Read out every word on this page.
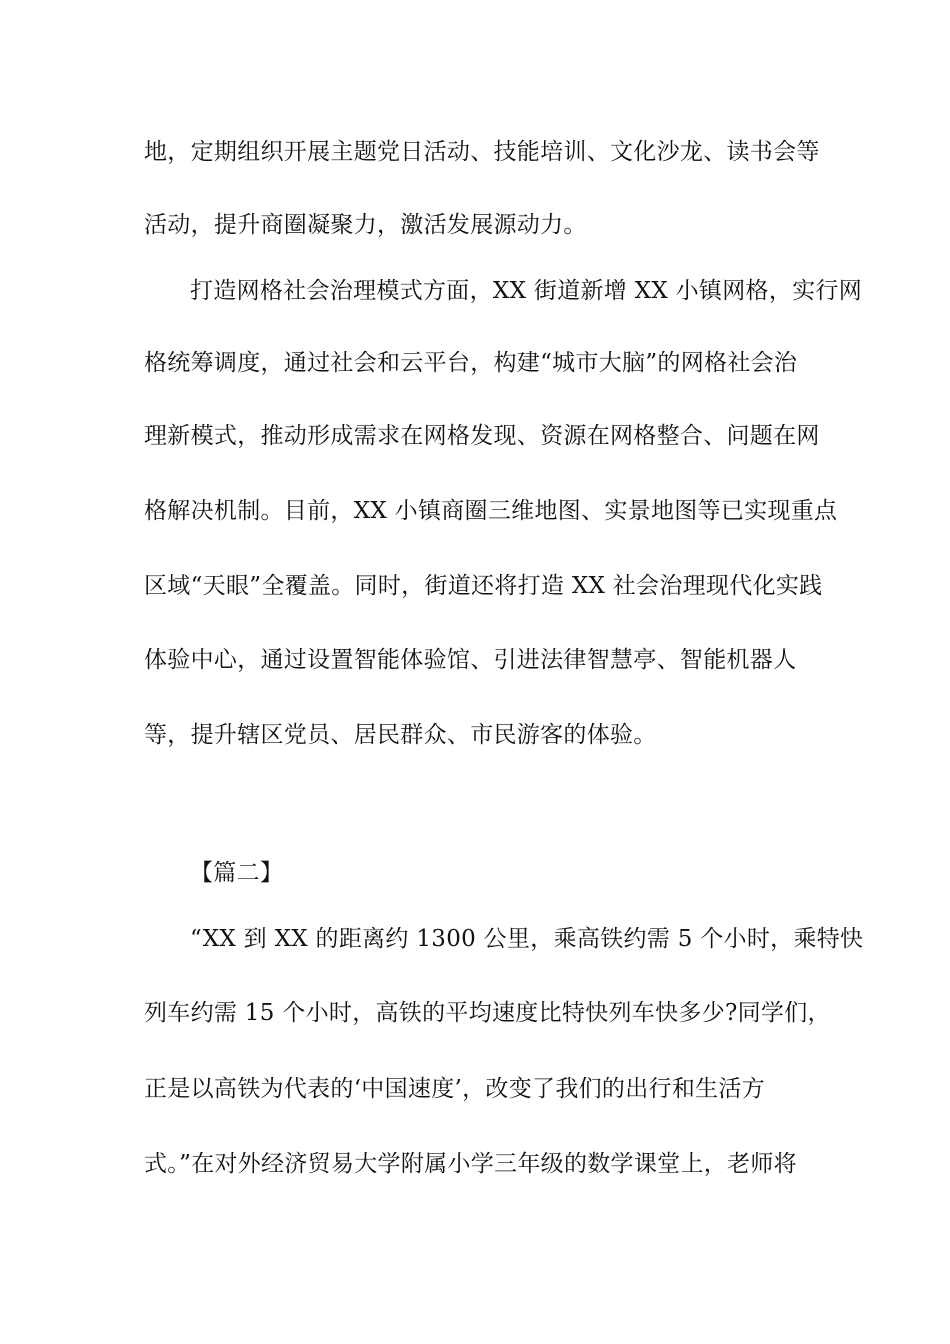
地，定期组织开展主题党日活动、技能培训、文化沙龙、读书会等
活动，提升商圈凝聚力，激活发展源动力。
打造网格社会治理模式方面，XX 街道新增 XX 小镇网格，实行网
格统筹调度，通过社会和云平台，构建“城市大脑”的网格社会治
理新模式，推动形成需求在网格发现、资源在网格整合、问题在网
格解决机制。目前，XX 小镇商圈三维地图、实景地图等已实现重点
区域“天眼”全覆盖。同时，街道还将打造 XX 社会治理现代化实践
体验中心，通过设置智能体验馆、引进法律智慧亭、智能机器人
等，提升辖区党员、居民群众、市民游客的体验。
【篇二】
“XX 到 XX 的距离约 1300 公里，乘高铁约需 5 个小时，乘特快
列车约需 15 个小时，高铁的平均速度比特快列车快多少?同学们，
正是以高铁为代表的‘中国速度’，改变了我们的出行和生活方
式。”在对外经济贸易大学附属小学三年级的数学课堂上，老师将
